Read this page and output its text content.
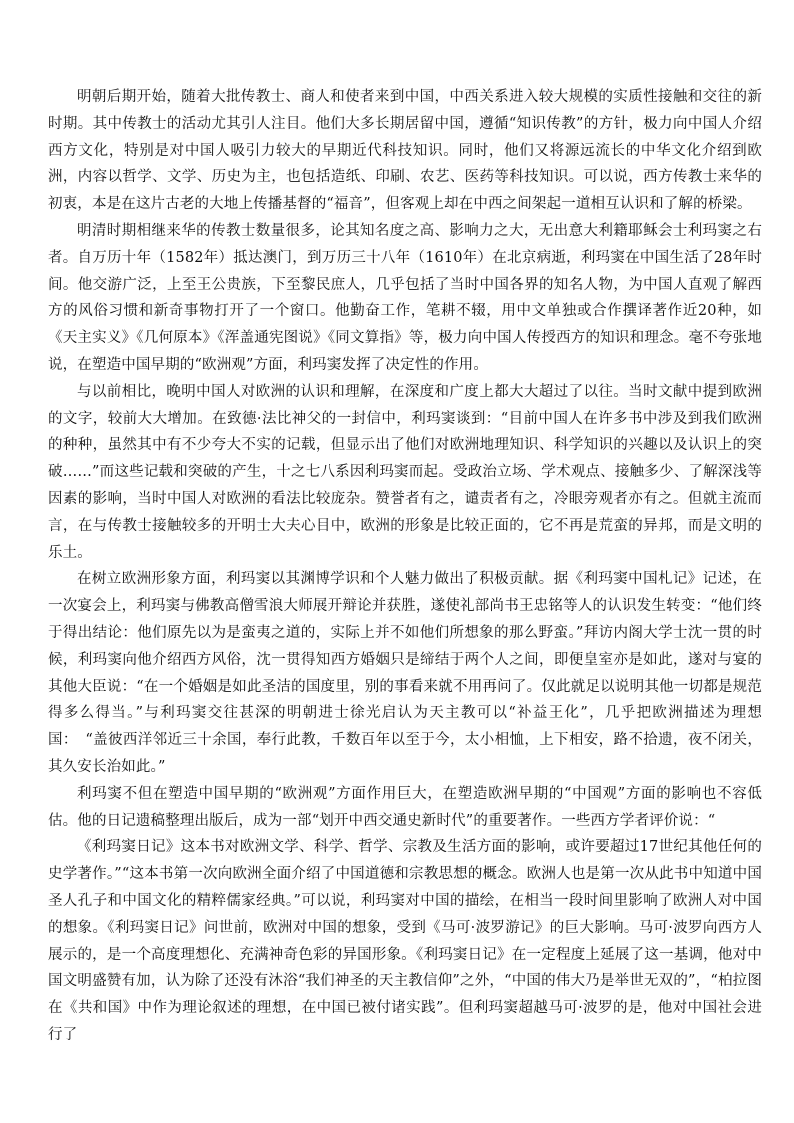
明朝后期开始，随着大批传教士、商人和使者来到中国，中西关系进入较大规模的实质性接触和交往的新时期。其中传教士的活动尤其引人注目。他们大多长期居留中国，遵循“知识传教”的方针，极力向中国人介绍西方文化，特别是对中国人吸引力较大的早期近代科技知识。同时，他们又将源远流长的中华文化介绍到欧洲，内容以哲学、文学、历史为主，也包括造纸、印刷、农艺、医药等科技知识。可以说，西方传教士来华的初衷，本是在这片古老的大地上传播基督的“福音”，但客观上却在中西之间架起一道相互认识和了解的桥梁。

明清时期相继来华的传教士数量很多，论其知名度之高、影响力之大，无出意大利籍耶稣会士利玛窦之右者。自万历十年（1582年）抵达澳门，到万历三十八年（1610年）在北京病逝，利玛窦在中国生活了28年时间。他交游广泛，上至王公贵族，下至黎民庶人，几乎包括了当时中国各界的知名人物，为中国人直观了解西方的风俗习惯和新奇事物打开了一个窗口。他勤奋工作，笔耕不辍，用中文单独或合作撰译著作近20种，如《天主实义》《几何原本》《浑盖通宪图说》《同文算指》等，极力向中国人传授西方的知识和理念。毫不夸张地说，在塑造中国早期的“欧洲观”方面，利玛窦发挥了决定性的作用。

与以前相比，晚明中国人对欧洲的认识和理解，在深度和广度上都大大超过了以往。当时文献中提到欧洲的文字，较前大大增加。在致德·法比神父的一封信中，利玛窦谈到：“目前中国人在许多书中涉及到我们欧洲的种种，虽然其中有不少夸大不实的记载，但显示出了他们对欧洲地理知识、科学知识的兴趣以及认识上的突破……”而这些记载和突破的产生，十之七八系因利玛窦而起。受政治立场、学术观点、接触多少、了解深浅等因素的影响，当时中国人对欧洲的看法比较庞杂。赞誉者有之，谴责者有之，冷眼旁观者亦有之。但就主流而言，在与传教士接触较多的开明士大夫心目中，欧洲的形象是比较正面的，它不再是荒蛮的异邦，而是文明的乐土。

在树立欧洲形象方面，利玛窦以其渊博学识和个人魅力做出了积极贡献。据《利玛窦中国札记》记述，在一次宴会上，利玛窦与佛教高僧雪浪大师展开辩论并获胜，遂使礼部尚书王忠铭等人的认识发生转变：“他们终于得出结论：他们原先以为是蛮夷之道的，实际上并不如他们所想象的那么野蛮。”拜访内阁大学士沈一贯的时候，利玛窦向他介绍西方风俗，沈一贯得知西方婚姻只是缔结于两个人之间，即便皇室亦是如此，遂对与宴的其他大臣说：“在一个婚姻是如此圣洁的国度里，别的事看来就不用再问了。仅此就足以说明其他一切都是规范得多么得当。”与利玛窦交往甚深的明朝进士徐光启认为天主教可以“补益王化”，几乎把欧洲描述为理想国：　“盖彼西洋邻近三十余国，奉行此教，千数百年以至于今，太小相恤，上下相安，路不拾遗，夜不闭关，其久安长治如此。”

利玛窦不但在塑造中国早期的“欧洲观”方面作用巨大，在塑造欧洲早期的“中国观”方面的影响也不容低估。他的日记遗稿整理出版后，成为一部“划开中西交通史新时代”的重要著作。一些西方学者评价说：“

《利玛窦日记》这本书对欧洲文学、科学、哲学、宗教及生活方面的影响，或许要超过17世纪其他任何的史学著作。”“这本书第一次向欧洲全面介绍了中国道德和宗教思想的概念。欧洲人也是第一次从此书中知道中国圣人孔子和中国文化的精粹儒家经典。”可以说，利玛窦对中国的描绘，在相当一段时间里影响了欧洲人对中国的想象。《利玛窦日记》问世前，欧洲对中国的想象，受到《马可·波罗游记》的巨大影响。马可·波罗向西方人展示的，是一个高度理想化、充满神奇色彩的异国形象。《利玛窦日记》在一定程度上延展了这一基调，他对中国文明盛赞有加，认为除了还没有沐浴“我们神圣的天主教信仰”之外，“中国的伟大乃是举世无双的”，“柏拉图在《共和国》中作为理论叙述的理想，在中国已被付诸实践”。但利玛窦超越马可·波罗的是，他对中国社会进行了
